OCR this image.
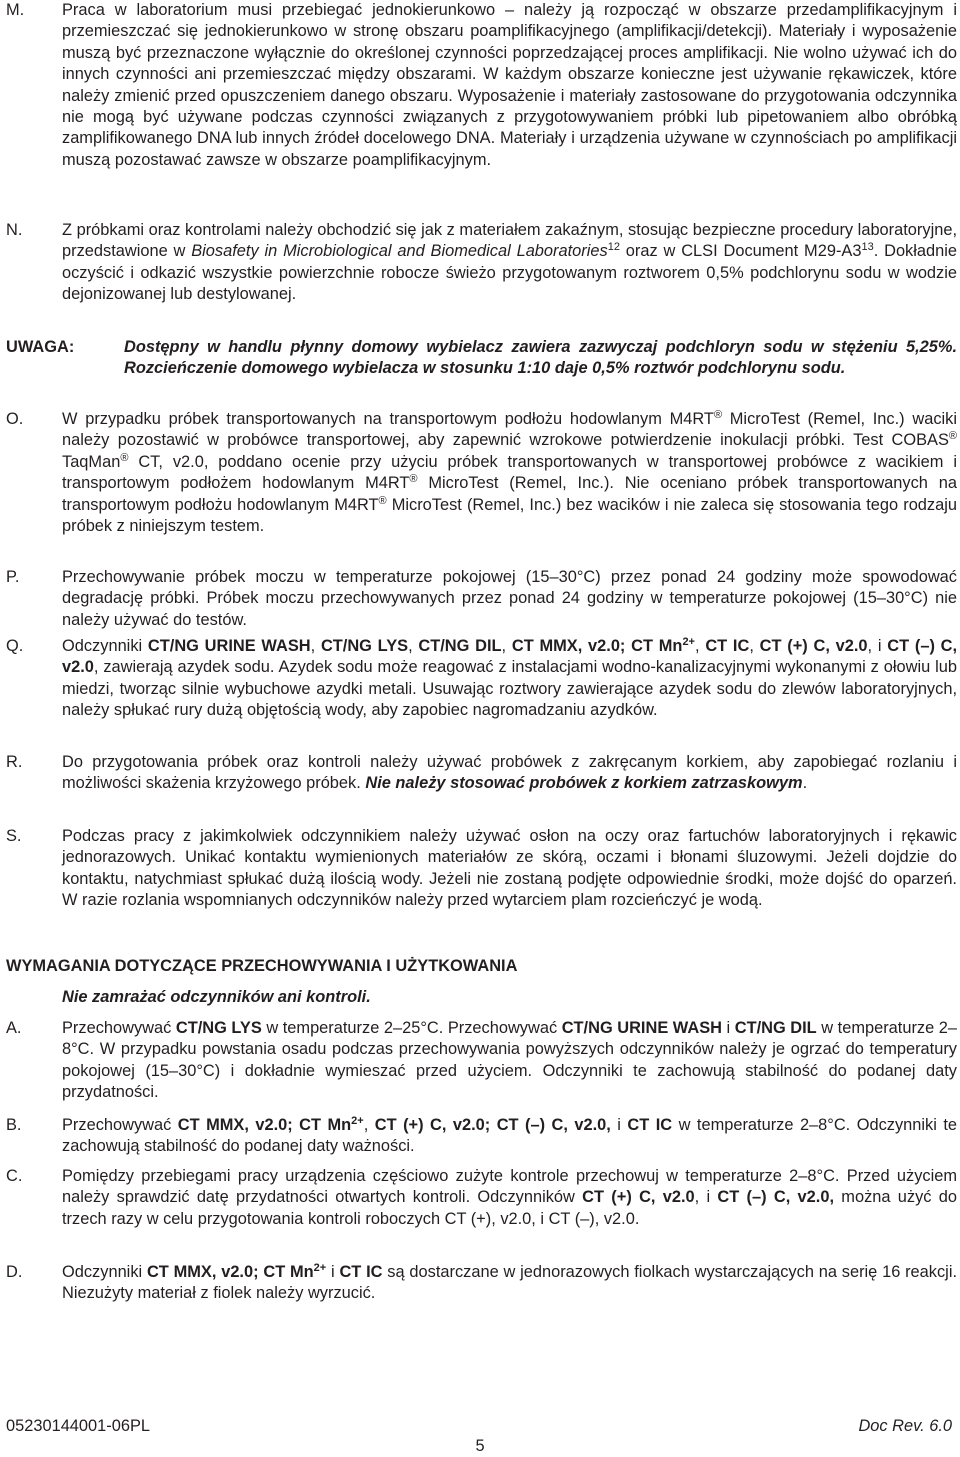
M.	Praca w laboratorium musi przebiegać jednokierunkowo – należy ją rozpocząć w obszarze przedamplifikacyjnym i przemieszczać się jednokierunkowo w stronę obszaru poamplifikacyjnego (amplifikacji/detekcji). Materiały i wyposażenie muszą być przeznaczone wyłącznie do określonej czynności poprzedzającej proces amplifikacji. Nie wolno używać ich do innych czynności ani przemieszczać między obszarami. W każdym obszarze konieczne jest używanie rękawiczek, które należy zmienić przed opuszczeniem danego obszaru. Wyposażenie i materiały zastosowane do przygotowania odczynnika nie mogą być używane podczas czynności związanych z przygotowywaniem próbki lub pipetowaniem albo obróbką zamplifikowanego DNA lub innych źródeł docelowego DNA. Materiały i urządzenia używane w czynnościach po amplifikacji muszą pozostawać zawsze w obszarze poamplifikacyjnym.
N.	Z próbkami oraz kontrolami należy obchodzić się jak z materiałem zakaźnym, stosując bezpieczne procedury laboratoryjne, przedstawione w Biosafety in Microbiological and Biomedical Laboratories$^{12}$ oraz w CLSI Document $M29-A3^{13}$. Dokładnie oczyścić i odkazić wszystkie powierzchnie robocze świeżo przygotowanym roztworem 0,5% podchlorynu sodu w wodzie dejonizowanej lub destylowanej.
UWAGA:	Dostępny w handlu płynny domowy wybielacz zawiera zazwyczaj podchloryn sodu w stężeniu 5,25%. Rozcieńczenie domowego wybielacza w stosunku 1:10 daje 0,5% roztwór podchlorynu sodu.
O.	W przypadku próbek transportowanych na transportowym podłożu hodowlanym M4RT® MicroTest (Remel, Inc.) waciki należy pozostawić w probówce transportowej, aby zapewnić wzrokowe potwierdzenie inokulacji próbki. Test COBAS® TaqMan® CT, v2.0, poddano ocenie przy użyciu próbek transportowanych w transportowej probówce z wacikiem i transportowym podłożem hodowlanym M4RT® MicroTest (Remel, Inc.). Nie oceniano próbek transportowanych na transportowym podłożu hodowlanym M4RT® MicroTest (Remel, Inc.) bez wacików i nie zaleca się stosowania tego rodzaju próbek z niniejszym testem.
P.	Przechowywanie próbek moczu w temperaturze pokojowej (15–30°C) przez ponad 24 godziny może spowodować degradację próbki. Próbek moczu przechowywanych przez ponad 24 godziny w temperaturze pokojowej (15–30°C) nie należy używać do testów.
Q.	Odczynniki CT/NG URINE WASH, CT/NG LYS, CT/NG DIL, CT MMX, v2.0; CT $Mn^{2+}$, CT IC, CT (+) C, v2.0, i CT (–) C, v2.0, zawierają azydek sodu. Azydek sodu może reagować z instalacjami wodno-kanalizacyjnymi wykonanymi z ołowiu lub miedzi, tworząc silnie wybuchowe azydki metali. Usuwając roztwory zawierające azydek sodu do zlewów laboratoryjnych, należy spłukać rury dużą objętością wody, aby zapobiec nagromadzaniu azydków.
R.	Do przygotowania próbek oraz kontroli należy używać probówek z zakręcanym korkiem, aby zapobiegać rozlaniu i możliwości skażenia krzyżowego próbek. Nie należy stosować probówek z korkiem zatrzaskowym.
S.	Podczas pracy z jakimkolwiek odczynnikiem należy używać osłon na oczy oraz fartuchów laboratoryjnych i rękawic jednorazowych. Unikać kontaktu wymienionych materiałów ze skórą, oczami i błonami śluzowymi. Jeżeli dojdzie do kontaktu, natychmiast spłukać dużą ilością wody. Jeżeli nie zostaną podjęte odpowiednie środki, może dojść do oparzeń. W razie rozlania wspomnianych odczynników należy przed wytarciem plam rozcieńczyć je wodą.
WYMAGANIA DOTYCZĄCE PRZECHOWYWANIA I UŻYTKOWANIA
Nie zamrażać odczynników ani kontroli.
A.	Przechowywać CT/NG LYS w temperaturze 2–25°C. Przechowywać CT/NG URINE WASH i CT/NG DIL w temperaturze 2–8°C. W przypadku powstania osadu podczas przechowywania powyższych odczynników należy je ogrzać do temperatury pokojowej (15–30°C) i dokładnie wymieszać przed użyciem. Odczynniki te zachowują stabilność do podanej daty przydatności.
B.	Przechowywać CT MMX, v2.0; CT $Mn^{2+}$, CT (+) C, v2.0; CT (–) C, v2.0, i CT IC w temperaturze 2–8°C. Odczynniki te zachowują stabilność do podanej daty ważności.
C.	Pomiędzy przebiegami pracy urządzenia częściowo zużyte kontrole przechowuj w temperaturze 2–8°C. Przed użyciem należy sprawdzić datę przydatności otwartych kontroli. Odczynników CT (+) C, v2.0, i CT (–) C, v2.0, można użyć do trzech razy w celu przygotowania kontroli roboczych CT (+), v2.0, i CT (–), v2.0.
D.	Odczynniki CT MMX, v2.0; CT $Mn^{2+}$ i CT IC są dostarczane w jednorazowych fiolkach wystarczających na serię 16 reakcji. Niezużyty materiał z fiolek należy wyrzucić.
05230144001-06PL	Doc Rev. 6.0
5
